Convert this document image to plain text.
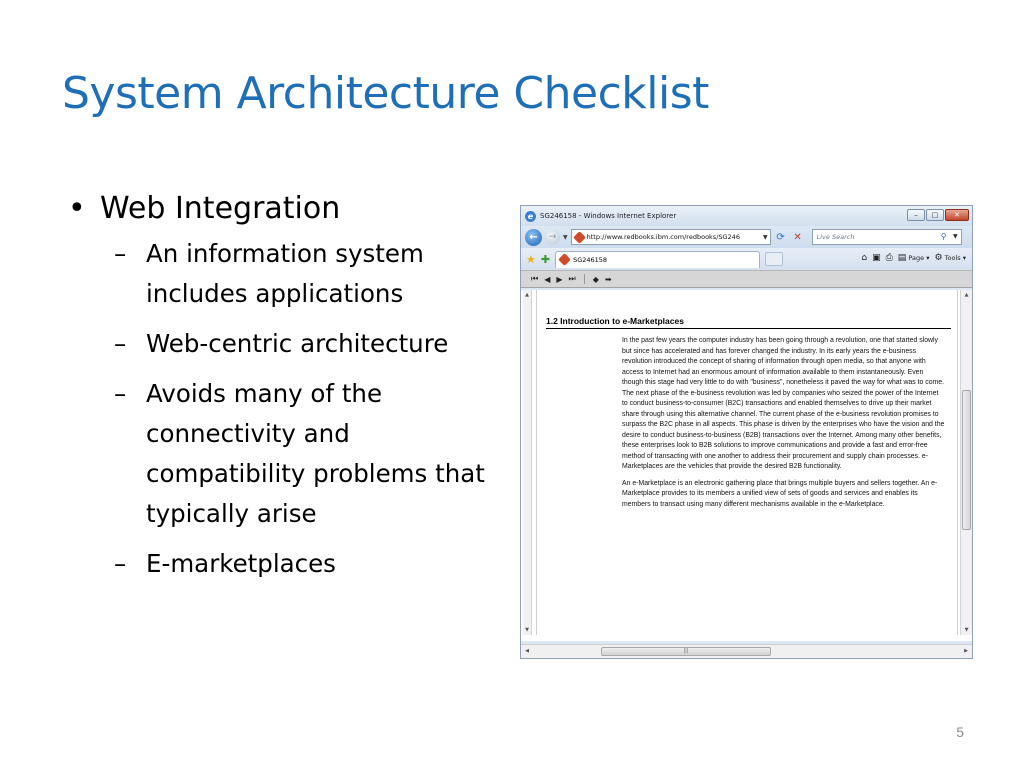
System Architecture Checklist
• Web Integration
– An information system includes applications
– Web-centric architecture
– Avoids many of the connectivity and compatibility problems that typically arise
– E-marketplaces
e SG246158 - Windows Internet Explorer	–	□	✕
←	→	▼	http://www.redbooks.ibm.com/redbooks/SG246	▼ ⟳ ✕	Live Search	⚲ ▼
★ ✚	SG246158	⌂ ▣ ⎙ ▤ Page ▾ ⚙ Tools ▾
⏮ ◀ ▶ ⏭ ◆ ➡
▲
▼
1.2 Introduction to e-Marketplaces

In the past few years the computer industry has been going through a revolution, one that started slowly but since has accelerated and has forever changed the industry. In its early years the e-business revolution introduced the concept of sharing of information through open media, so that anyone with access to Internet had an enormous amount of information available to them instantaneously. Even though this stage had very little to do with "business", nonetheless it paved the way for what was to come. The next phase of the e-business revolution was led by companies who seized the power of the Internet to conduct business-to-consumer (B2C) transactions and enabled themselves to drive up their market share through using this alternative channel. The current phase of the e-business revolution promises to surpass the B2C phase in all aspects. This phase is driven by the enterprises who have the vision and the desire to conduct business-to-business (B2B) transactions over the Internet. Among many other benefits, these enterprises look to B2B solutions to improve communications and provide a fast and error-free method of transacting with one another to address their procurement and supply chain processes. e-Marketplaces are the vehicles that provide the desired B2B functionality.

An e-Marketplace is an electronic gathering place that brings multiple buyers and sellers together. An e-Marketplace provides to its members a unified view of sets of goods and services and enables its members to transact using many different mechanisms available in the e-Marketplace.

▲
▼
◀	|||	▶
5
